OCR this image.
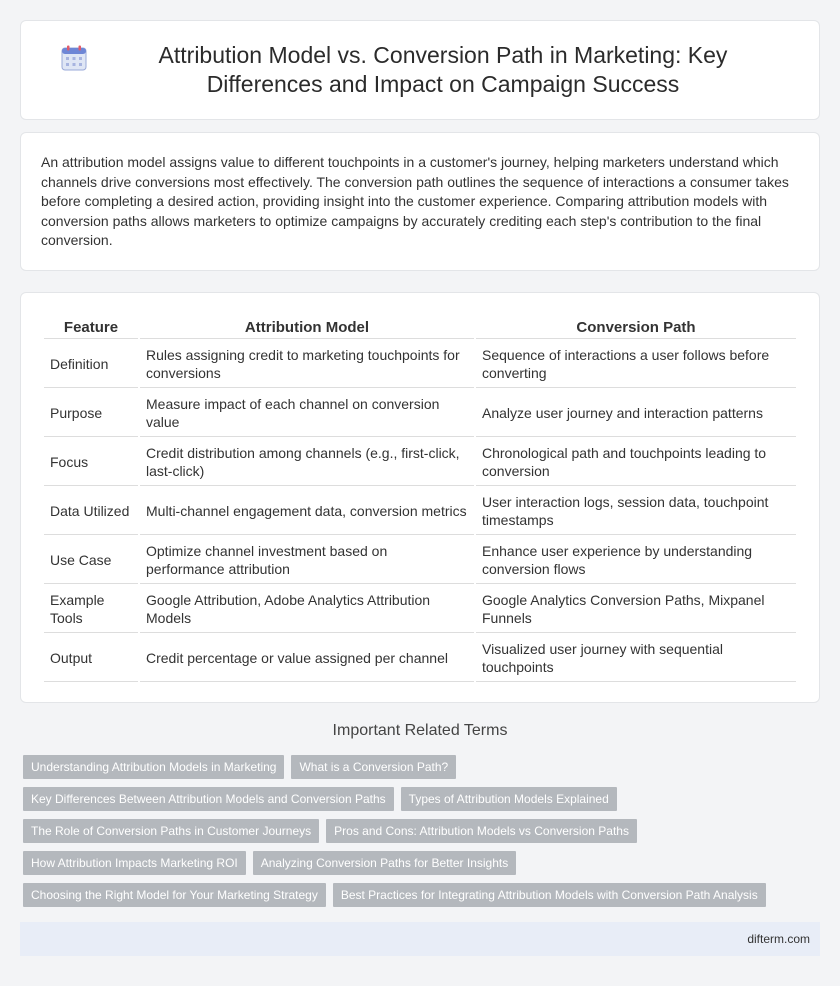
Attribution Model vs. Conversion Path in Marketing: Key Differences and Impact on Campaign Success

An attribution model assigns value to different touchpoints in a customer's journey, helping marketers understand which channels drive conversions most effectively. The conversion path outlines the sequence of interactions a consumer takes before completing a desired action, providing insight into the customer experience. Comparing attribution models with conversion paths allows marketers to optimize campaigns by accurately crediting each step's contribution to the final conversion.

Feature	Attribution Model	Conversion Path
Definition	Rules assigning credit to marketing touchpoints for conversions	Sequence of interactions a user follows before converting
Purpose	Measure impact of each channel on conversion value	Analyze user journey and interaction patterns
Focus	Credit distribution among channels (e.g., first-click, last-click)	Chronological path and touchpoints leading to conversion
Data Utilized	Multi-channel engagement data, conversion metrics	User interaction logs, session data, touchpoint timestamps
Use Case	Optimize channel investment based on performance attribution	Enhance user experience by understanding conversion flows
Example Tools	Google Attribution, Adobe Analytics Attribution Models	Google Analytics Conversion Paths, Mixpanel Funnels
Output	Credit percentage or value assigned per channel	Visualized user journey with sequential touchpoints
Important Related Terms
Understanding Attribution Models in Marketing	What is a Conversion Path?
Key Differences Between Attribution Models and Conversion Paths	Types of Attribution Models Explained
The Role of Conversion Paths in Customer Journeys	Pros and Cons: Attribution Models vs Conversion Paths
How Attribution Impacts Marketing ROI	Analyzing Conversion Paths for Better Insights
Choosing the Right Model for Your Marketing Strategy	Best Practices for Integrating Attribution Models with Conversion Path Analysis
difterm.com
